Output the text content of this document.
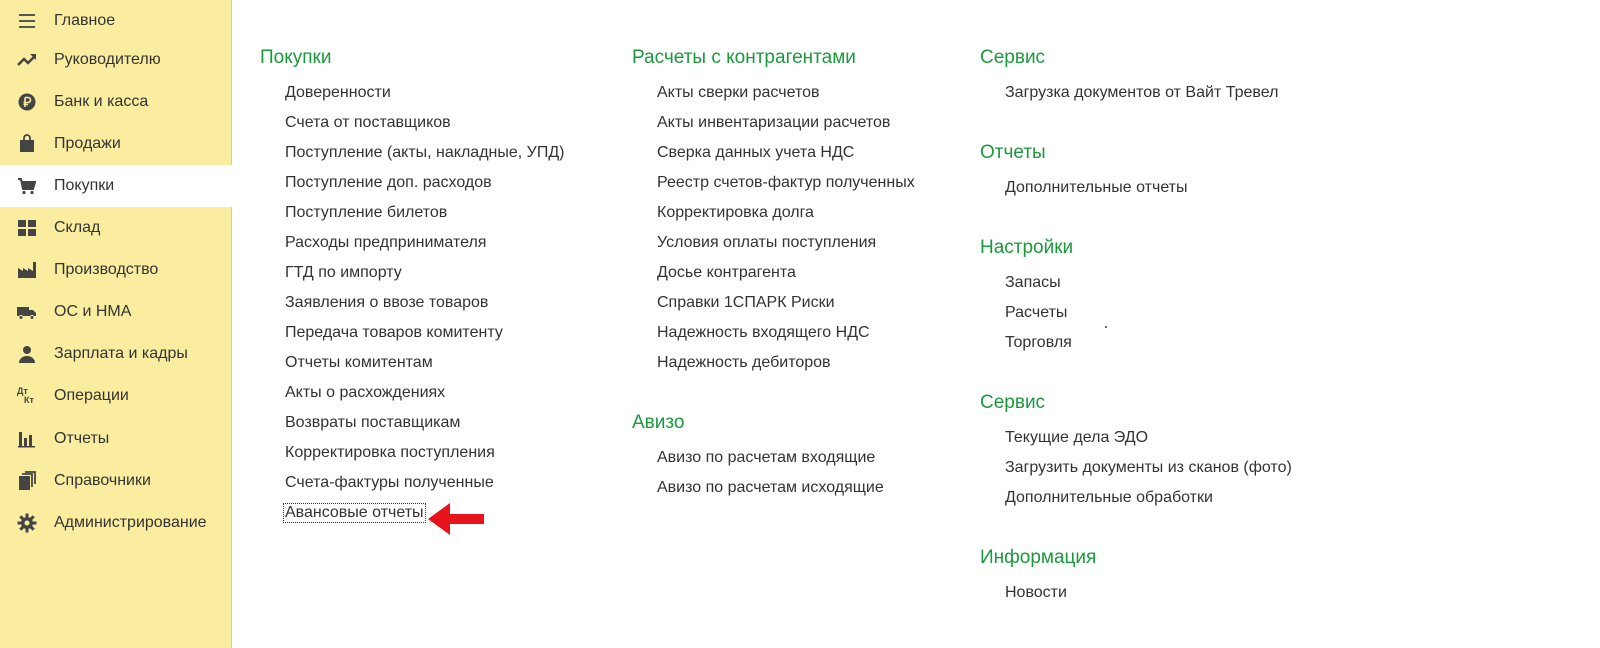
Главное
Руководителю
Банк и касса
Продажи
Покупки
Склад
Производство
ОС и НМА
Зарплата и кадры
Дт
Кт Операции
Отчеты
Справочники
Администрирование
Покупки
Доверенности
Счета от поставщиков
Поступление (акты, накладные, УПД)
Поступление доп. расходов
Поступление билетов
Расходы предпринимателя
ГТД по импорту
Заявления о ввозе товаров
Передача товаров комитенту
Отчеты комитентам
Акты о расхождениях
Возвраты поставщикам
Корректировка поступления
Счета-фактуры полученные
Авансовые отчеты
Расчеты с контрагентами
Акты сверки расчетов
Акты инвентаризации расчетов
Сверка данных учета НДС
Реестр счетов-фактур полученных
Корректировка долга
Условия оплаты поступления
Досье контрагента
Справки 1СПАРК Риски
Надежность входящего НДС
Надежность дебиторов
Авизо
Авизо по расчетам входящие
Авизо по расчетам исходящие
Сервис
Загрузка документов от Вайт Тревел
Отчеты
Дополнительные отчеты
Настройки
Запасы
Расчеты
Торговля
Сервис
Текущие дела ЭДО
Загрузить документы из сканов (фото)
Дополнительные обработки
Информация
Новости
